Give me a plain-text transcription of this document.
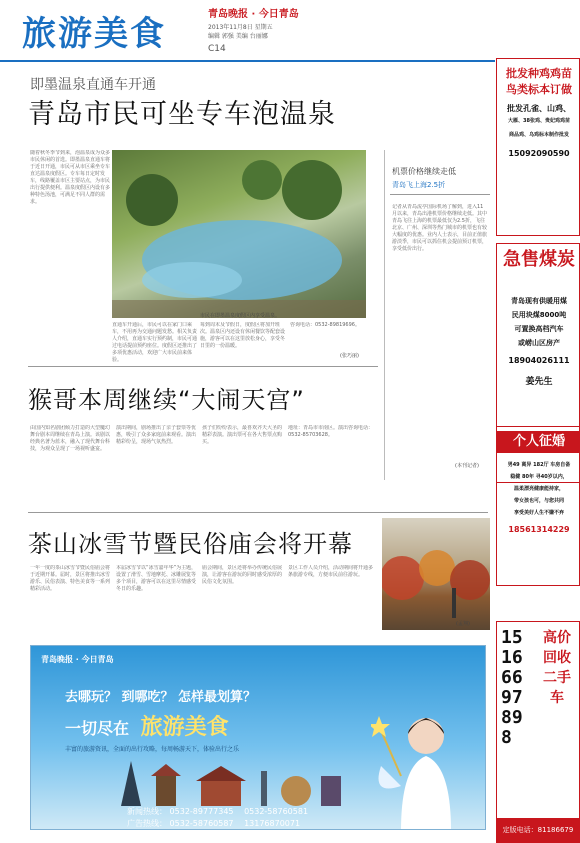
旅游美食	青岛晚报 · 今日青岛
2013年11月8日 星期五
编辑 郭强 美编 台丽娜
C14
即墨温泉直通车开通
青岛市民可坐专车泡温泉
随着秋冬季节到来，泡温泉成为众多市民休闲的首选。即墨温泉直通车将于近日开通，市民可从市区乘坐专车直达温泉度假区。专车每日定时发车，线路覆盖市区主要站点，为市民出行提供便利。温泉度假区内设有多种特色汤池，可满足不同人群的需求。
市民在即墨温泉度假区内享受温泉。
直通车开通后，市民可以在家门口乘车，不用再为交通问题发愁。相关负责人介绍，直通车实行预约制，市民可通过电话提前预约座位。度假区还推出了多项优惠活动，欢迎广大市民前来体验。
每到周末及节假日，度假区将加开班次。温泉区内还设有休闲餐饮等配套设施，游客可以在这里放松身心，享受冬日里的一份温暖。
咨询电话：0532-89819696。
(张巧丽)
机票价格继续走低
青岛飞上海2.5折
记者从青岛流亭国际机场了解到，进入11月以来，青岛出港机票价格继续走低。其中青岛飞往上海的机票最低仅为2.5折，飞往北京、广州、深圳等热门城市的机票也有较大幅度的优惠。业内人士表示，目前正值旅游淡季，市民可以抓住机会提前预订机票，享受低价出行。
(本刊记者)
猴哥本周继续“大闹天宫”
由国内知名剧团倾力打造的大型魔幻舞台剧本周继续在青岛上演。该剧以经典名著为蓝本，融入了现代舞台科技，为观众呈现了一场视听盛宴。
演出期间，剧场推出了亲子套票等优惠，吸引了众多家庭前来观看。演出精彩纷呈，现场气氛热烈。
孩子们纷纷表示，最喜欢齐天大圣的精彩表演。演出票可在各大售票点购买。
地址：青岛市市南区。演出咨询电话：0532-85703628。
茶山冰雪节暨民俗庙会将开幕
一年一度的茶山冰雪节暨民俗庙会将于近期开幕。届时，景区将推出冰雪游乐、民俗表演、特色美食等一系列精彩活动。
本届冰雪节以“冰雪嘉年华”为主题，设置了滑雪、雪地摩托、冰雕展览等多个项目，游客可以在这里尽情感受冬日的乐趣。
庙会期间，景区还将举办传统民俗展演，让游客在游玩的同时感受浓厚的民俗文化氛围。
景区工作人员介绍，活动期间将开通多条旅游专线，方便市民前往游玩。
(孟翔)
青岛晚报 · 今日青岛
去哪玩？ 到哪吃？ 怎样最划算？
一切尽在 旅游美食
丰富的旅游资讯，全面的出行攻略，每周畅游天下，体验出行之乐
新闻热线： 0532-89777345 0532-58760581
广告热线： 0532-58760587 13176870071
批发种鸡鸡苗
鸟类标本订做
批发孔雀、山鸡、
大雁、38张鸡、贵妃鸡鸡苗
商品鸡、乌鸡标本制作批发
15092090590
急售煤炭
青岛现有供暖用煤
民用块煤8000吨
可置换高档汽车
或崂山区房产
18904026111
姜先生
个人征婚
男49 离异 182厅 车房自备
稳健 80年 寻40岁以内，
温柔漂亮健康能持家，
带女孩也可，与您共同
享受美好人生不嫌不弃
18561314229
15166697898
高价回收二手车
定版电话：81186679
